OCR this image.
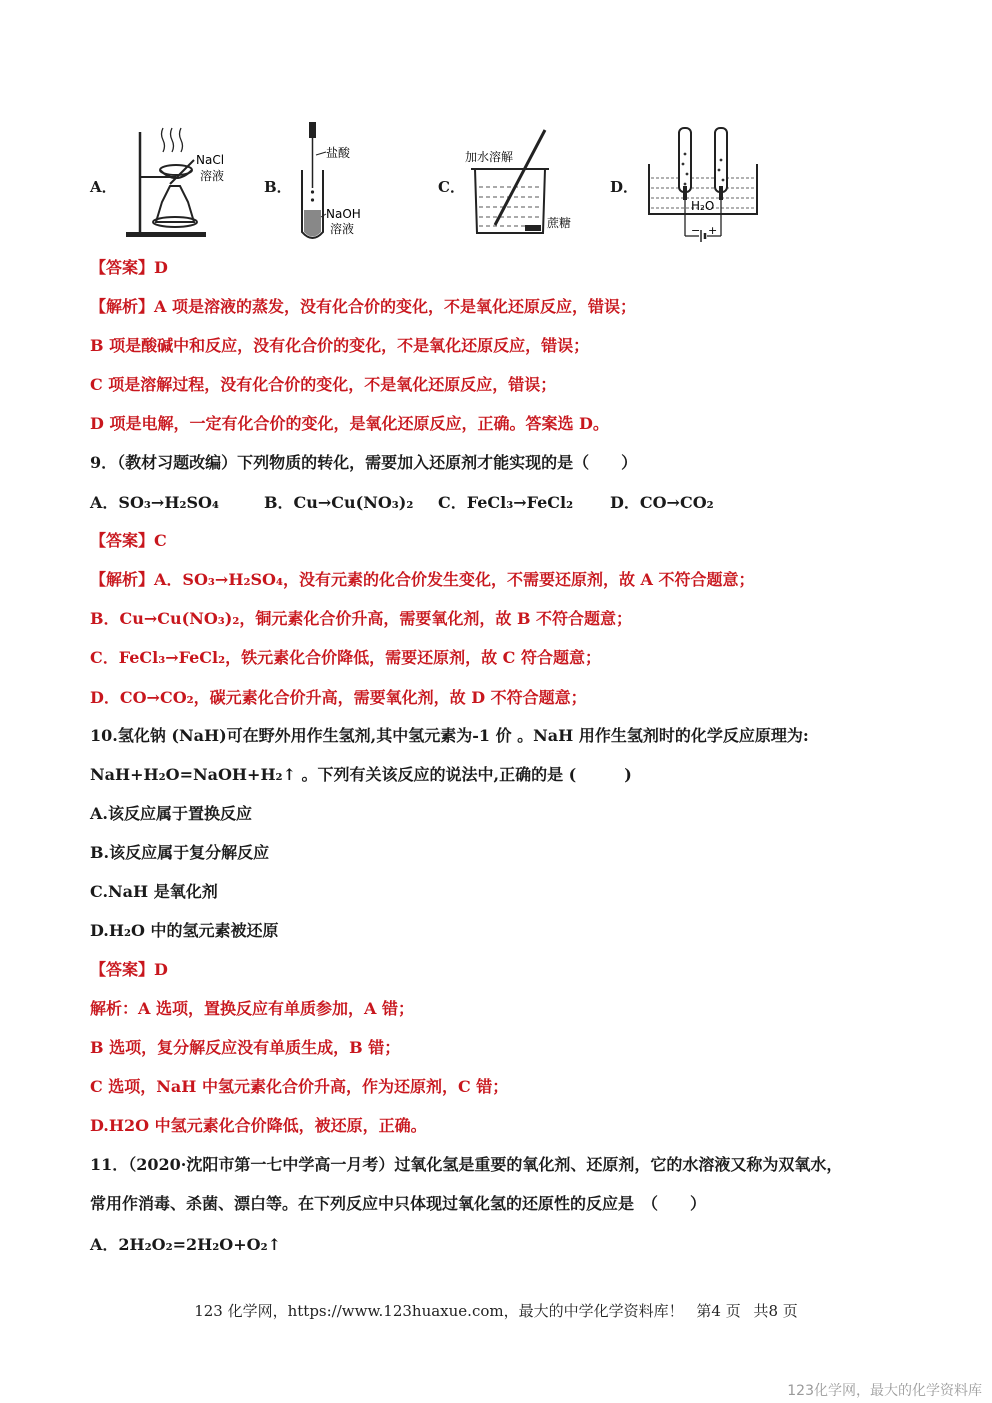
A．
NaCl
溶液
B．
盐酸
NaOH
溶液
C．
加水溶解
蔗糖
D．
H₂O
− +
【答案】D
【解析】A 项是溶液的蒸发，没有化合价的变化，不是氧化还原反应，错误；
B 项是酸碱中和反应，没有化合价的变化，不是氧化还原反应，错误；
C 项是溶解过程，没有化合价的变化，不是氧化还原反应，错误；
D 项是电解，一定有化合价的变化，是氧化还原反应，正确。答案选 D。
9．（教材习题改编）下列物质的转化，需要加入还原剂才能实现的是（　　）
A．SO₃→H₂SO₄	B．Cu→Cu(NO₃)₂ C．FeCl₃→FeCl₂ D．CO→CO₂
【答案】C
【解析】A．SO₃→H₂SO₄，没有元素的化合价发生变化，不需要还原剂，故 A 不符合题意；
B．Cu→Cu(NO₃)₂，铜元素化合价升高，需要氧化剂，故 B 不符合题意；
C．FeCl₃→FeCl₂，铁元素化合价降低，需要还原剂，故 C 符合题意；
D．CO→CO₂，碳元素化合价升高，需要氧化剂，故 D 不符合题意；
10.氢化钠 (NaH)可在野外用作生氢剂,其中氢元素为-1 价 。NaH 用作生氢剂时的化学反应原理为:
NaH+H₂O=NaOH+H₂↑ 。下列有关该反应的说法中,正确的是 (　　　)
A.该反应属于置换反应
B.该反应属于复分解反应
C.NaH 是氧化剂
D.H₂O 中的氢元素被还原
【答案】D
解析：A 选项，置换反应有单质参加，A 错；
B 选项，复分解反应没有单质生成，B 错；
C 选项，NaH 中氢元素化合价升高，作为还原剂，C 错；
D.H2O 中氢元素化合价降低，被还原，正确。
11．（2020·沈阳市第一七中学高一月考）过氧化氢是重要的氧化剂、还原剂，它的水溶液又称为双氧水，
常用作消毒、杀菌、漂白等。在下列反应中只体现过氧化氢的还原性的反应是　（　　）
A．2H₂O₂=2H₂O+O₂↑
123 化学网，https://www.123huaxue.com，最大的中学化学资料库！ 第4 页 共8 页
123化学网，最大的化学资料库
